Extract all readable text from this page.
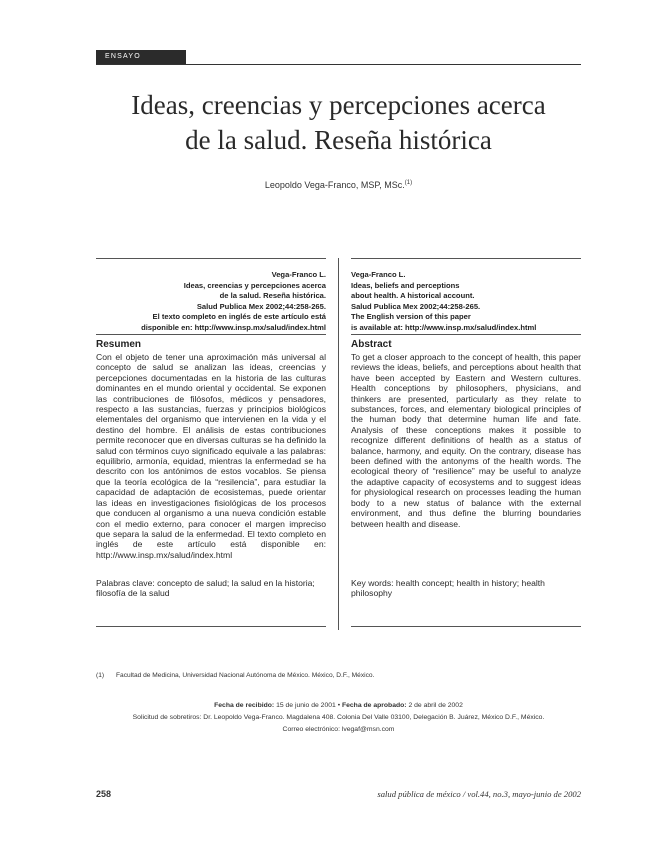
ENSAYO
Ideas, creencias y percepciones acerca
de la salud. Reseña histórica
Leopoldo Vega-Franco, MSP, MSc.$^{(1)}$
Vega-Franco L.
Ideas, creencias y percepciones acerca
de la salud. Reseña histórica.
Salud Publica Mex 2002;44:258-265.
El texto completo en inglés de este artículo está
disponible en: http://www.insp.mx/salud/index.html
Vega-Franco L.
Ideas, beliefs and perceptions
about health. A historical account.
Salud Publica Mex 2002;44:258-265.
The English version of this paper
is available at: http://www.insp.mx/salud/index.html
Resumen
Con el objeto de tener una aproximación más universal al concepto de salud se analizan las ideas, creencias y percepciones documentadas en la historia de las culturas dominantes en el mundo oriental y occidental. Se exponen las contribuciones de filósofos, médicos y pensadores, respecto a las sustancias, fuerzas y principios biológicos elementales del organismo que intervienen en la vida y el destino del hombre. El análisis de estas contribuciones permite reconocer que en diversas culturas se ha definido la salud con términos cuyo significado equivale a las palabras: equilibrio, armonía, equidad, mientras la enfermedad se ha descrito con los antónimos de estos vocablos. Se piensa que la teoría ecológica de la “resilencia”, para estudiar la capacidad de adaptación de ecosistemas, puede orientar las ideas en investigaciones fisiológicas de los procesos que conducen al organismo a una nueva condición estable con el medio externo, para conocer el margen impreciso que separa la salud de la enfermedad. El texto completo en inglés de este artículo está disponible en: http://www.insp.mx/salud/index.html
Palabras clave: concepto de salud; la salud en la historia; filosofía de la salud
Abstract
To get a closer approach to the concept of health, this paper reviews the ideas, beliefs, and perceptions about health that have been accepted by Eastern and Western cultures. Health conceptions by philosophers, physicians, and thinkers are presented, particularly as they relate to substances, forces, and elementary biological principles of the human body that determine human life and fate. Analysis of these conceptions makes it possible to recognize different definitions of health as a status of balance, harmony, and equity. On the contrary, disease has been defined with the antonyms of the health words. The ecological theory of “resilience” may be useful to analyze the adaptive capacity of ecosystems and to suggest ideas for physiological research on processes leading the human body to a new status of balance with the external environment, and thus define the blurring boundaries between health and disease.
Key words: health concept; health in history; health philosophy
(1) Facultad de Medicina, Universidad Nacional Autónoma de México. México, D.F., México.
Fecha de recibido: 15 de junio de 2001 • Fecha de aprobado: 2 de abril de 2002
Solicitud de sobretiros: Dr. Leopoldo Vega-Franco. Magdalena 408. Colonia Del Valle 03100, Delegación B. Juárez, México D.F., México.
Correo electrónico: lvegaf@msn.com
258	salud pública de méxico / vol.44, no.3, mayo-junio de 2002
